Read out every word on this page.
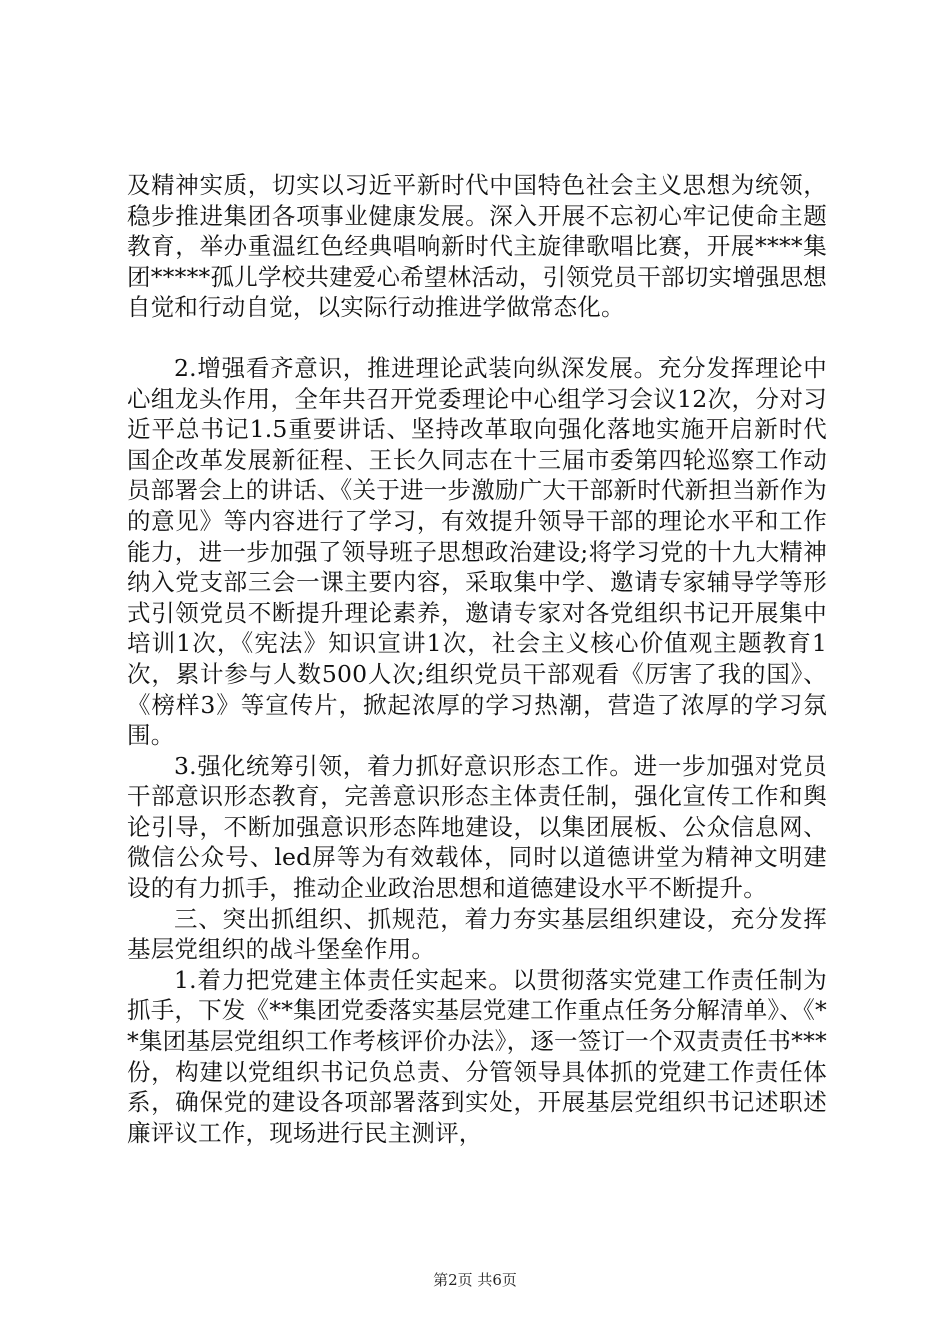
及精神实质，切实以习近平新时代中国特色社会主义思想为统领，稳步推进集团各项事业健康发展。深入开展不忘初心牢记使命主题教育，举办重温红色经典唱响新时代主旋律歌唱比赛，开展****集团*****孤儿学校共建爱心希望林活动，引领党员干部切实增强思想自觉和行动自觉，以实际行动推进学做常态化。

2.增强看齐意识，推进理论武装向纵深发展。充分发挥理论中心组龙头作用，全年共召开党委理论中心组学习会议12次，分对习近平总书记1.5重要讲话、坚持改革取向强化落地实施开启新时代国企改革发展新征程、王长久同志在十三届市委第四轮巡察工作动员部署会上的讲话、《关于进一步激励广大干部新时代新担当新作为的意见》等内容进行了学习，有效提升领导干部的理论水平和工作能力，进一步加强了领导班子思想政治建设;将学习党的十九大精神纳入党支部三会一课主要内容，采取集中学、邀请专家辅导学等形式引领党员不断提升理论素养，邀请专家对各党组织书记开展集中培训1次，《宪法》知识宣讲1次，社会主义核心价值观主题教育1次，累计参与人数500人次;组织党员干部观看《厉害了我的国》、《榜样3》等宣传片，掀起浓厚的学习热潮，营造了浓厚的学习氛围。

3.强化统筹引领，着力抓好意识形态工作。进一步加强对党员干部意识形态教育，完善意识形态主体责任制，强化宣传工作和舆论引导，不断加强意识形态阵地建设，以集团展板、公众信息网、微信公众号、led屏等为有效载体，同时以道德讲堂为精神文明建设的有力抓手，推动企业政治思想和道德建设水平不断提升。

三、突出抓组织、抓规范，着力夯实基层组织建设，充分发挥基层党组织的战斗堡垒作用。

1.着力把党建主体责任实起来。以贯彻落实党建工作责任制为抓手，下发《**集团党委落实基层党建工作重点任务分解清单》、《**集团基层党组织工作考核评价办法》，逐一签订一个双责责任书***份，构建以党组织书记负总责、分管领导具体抓的党建工作责任体系，确保党的建设各项部署落到实处，开展基层党组织书记述职述廉评议工作，现场进行民主测评，

第2页 共6页
